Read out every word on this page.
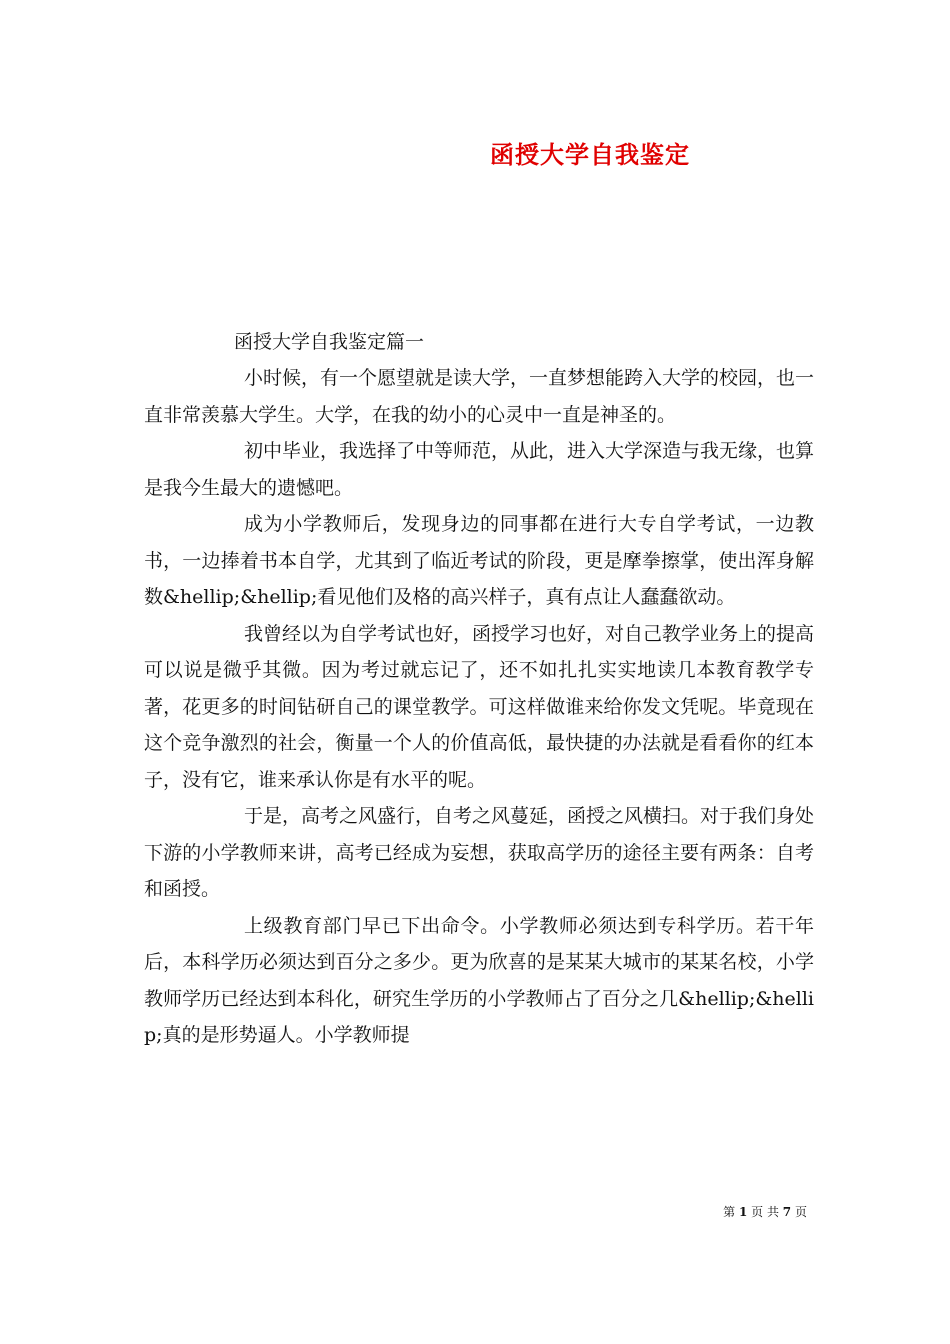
函授大学自我鉴定
函授大学自我鉴定篇一

小时候，有一个愿望就是读大学，一直梦想能跨入大学的校园，也一直非常羡慕大学生。大学，在我的幼小的心灵中一直是神圣的。

初中毕业，我选择了中等师范，从此，进入大学深造与我无缘，也算是我今生最大的遗憾吧。

成为小学教师后，发现身边的同事都在进行大专自学考试，一边教书，一边捧着书本自学，尤其到了临近考试的阶段，更是摩拳擦掌，使出浑身解数&hellip;&hellip;看见他们及格的高兴样子，真有点让人蠢蠢欲动。

我曾经以为自学考试也好，函授学习也好，对自己教学业务上的提高可以说是微乎其微。因为考过就忘记了，还不如扎扎实实地读几本教育教学专著，花更多的时间钻研自己的课堂教学。可这样做谁来给你发文凭呢。毕竟现在这个竞争激烈的社会，衡量一个人的价值高低，最快捷的办法就是看看你的红本子，没有它，谁来承认你是有水平的呢。

于是，高考之风盛行，自考之风蔓延，函授之风横扫。对于我们身处下游的小学教师来讲，高考已经成为妄想，获取高学历的途径主要有两条：自考和函授。

上级教育部门早已下出命令。小学教师必须达到专科学历。若干年后，本科学历必须达到百分之多少。更为欣喜的是某某大城市的某某名校，小学教师学历已经达到本科化，研究生学历的小学教师占了百分之几&hellip;&hellip;真的是形势逼人。小学教师提

第 1 页 共 7 页
